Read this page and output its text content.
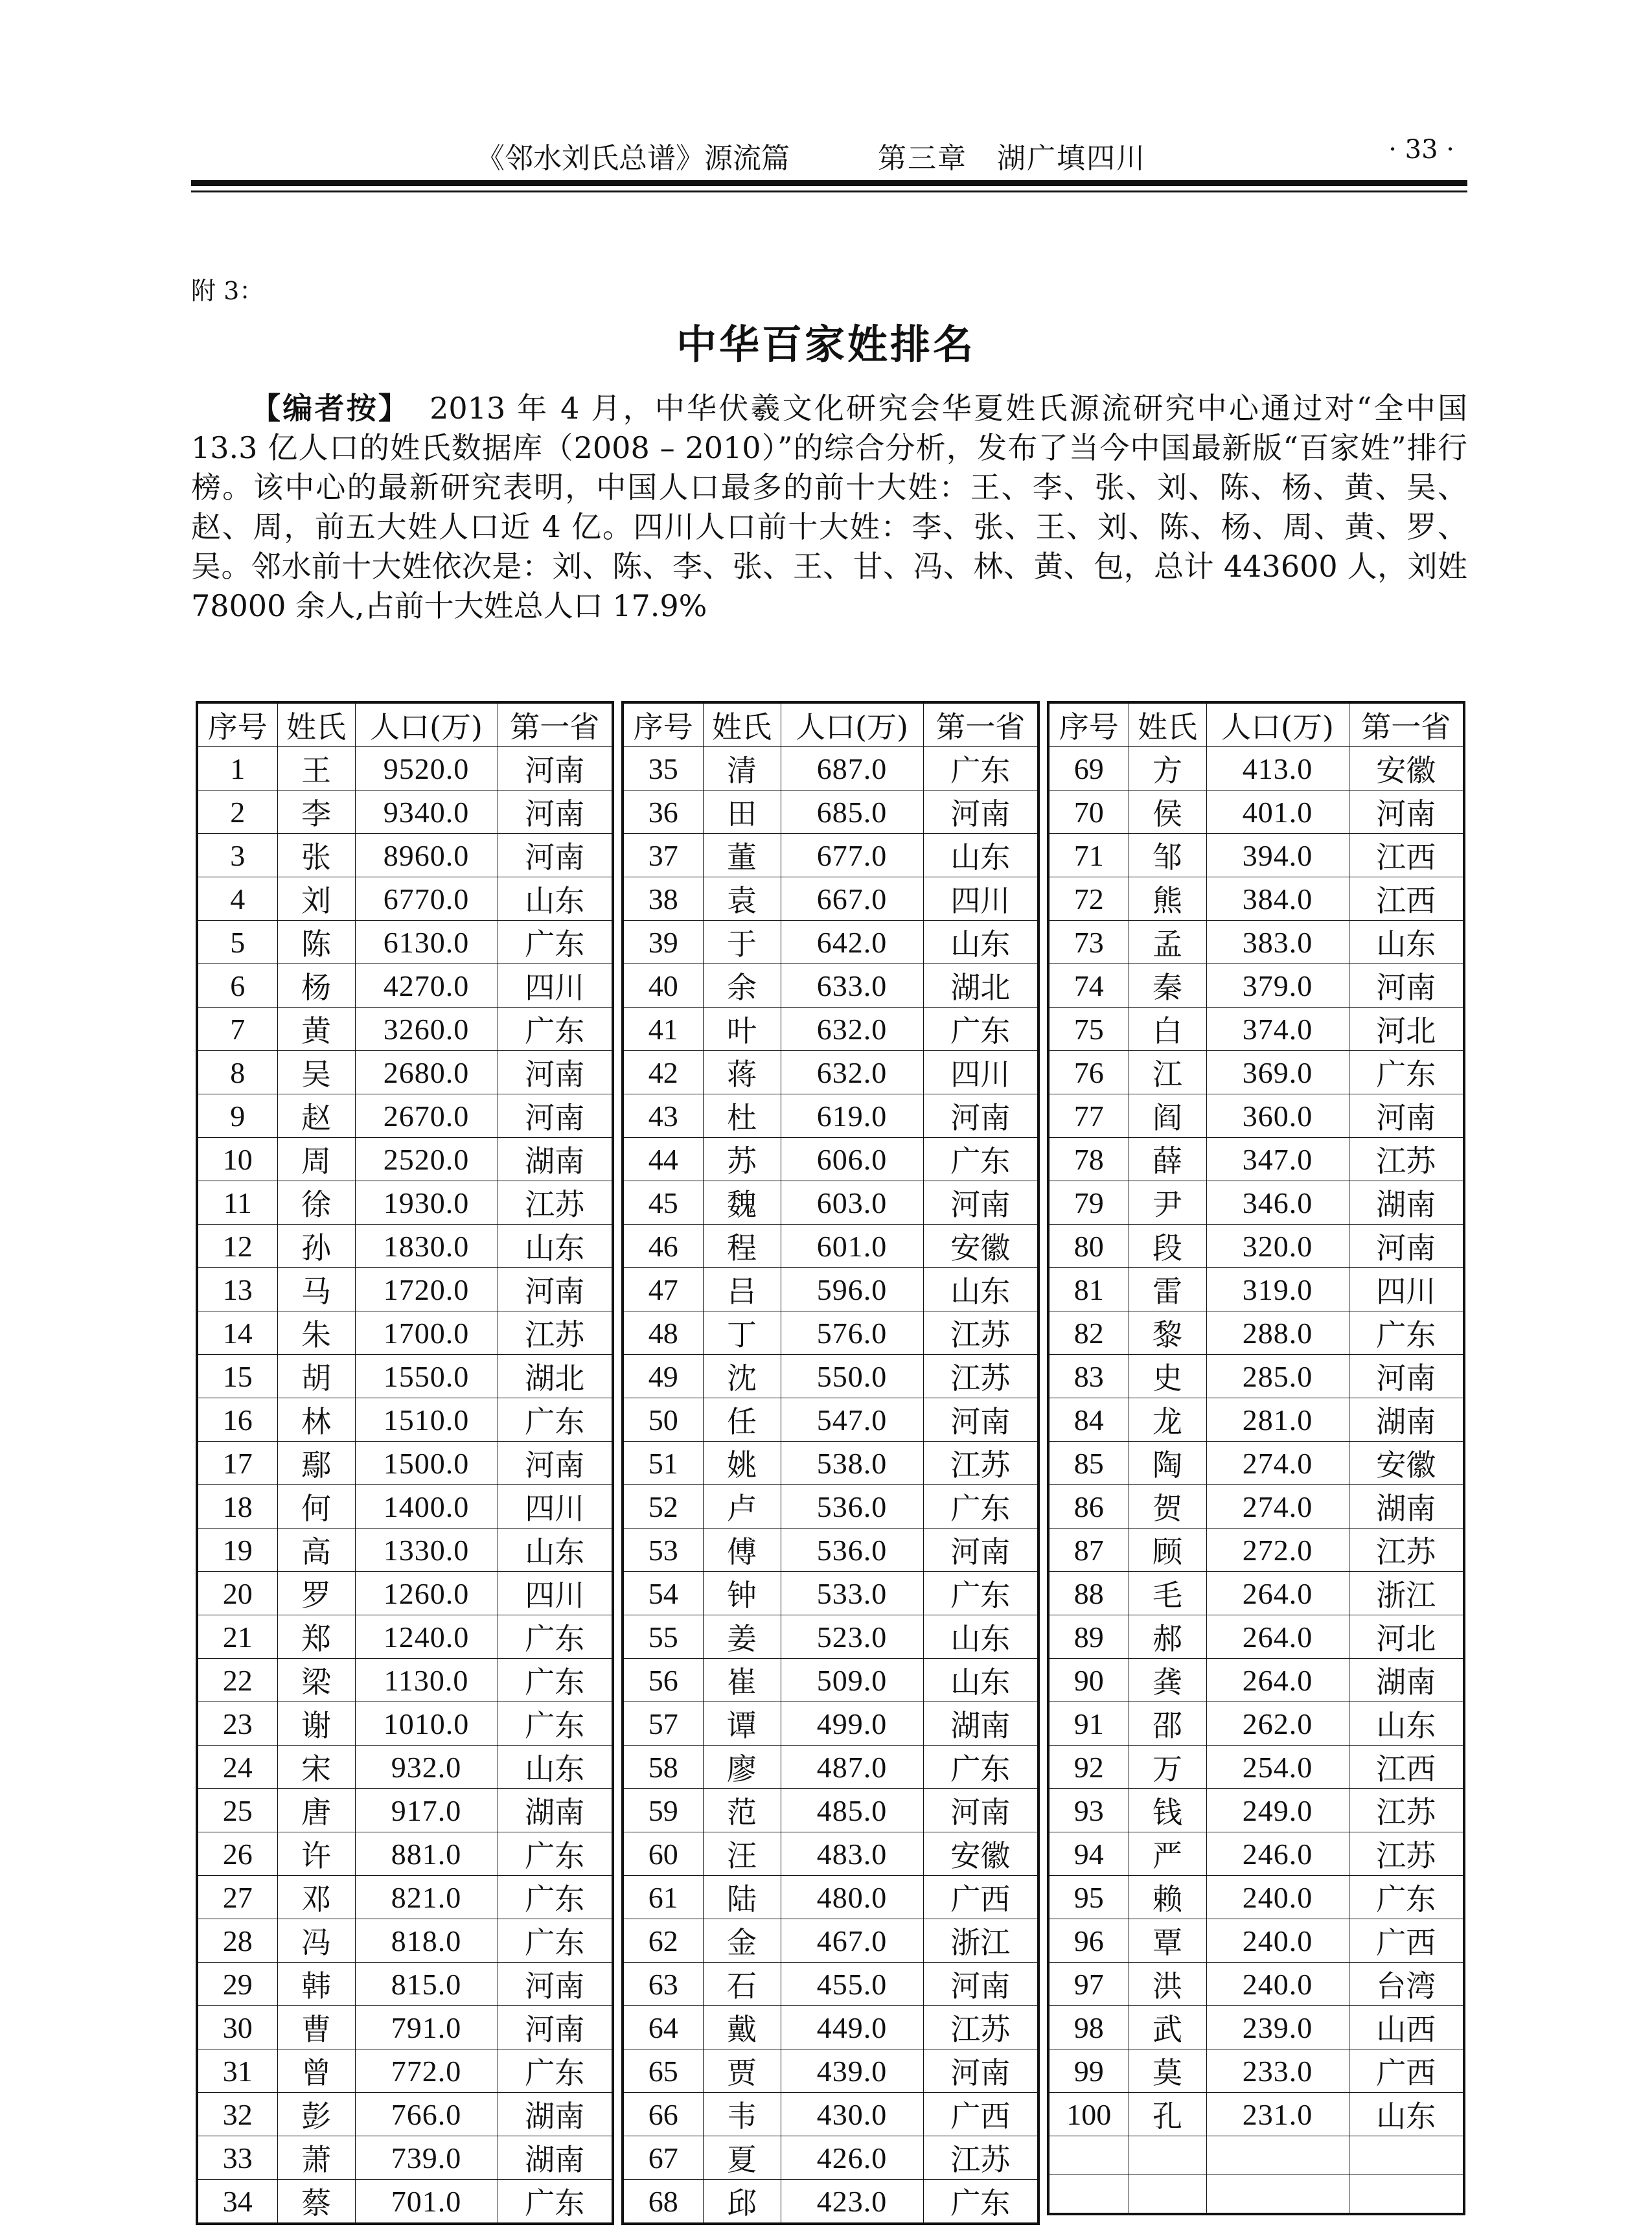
《邻水刘氏总谱》源流篇	第三章　湖广填四川	· 33 ·
附 3：
中华百家姓排名
【编者按】 2013 年 4 月，中华伏羲文化研究会华夏姓氏源流研究中心通过对“全中国 13.3 亿人口的姓氏数据库（2008 – 2010）”的综合分析，发布了当今中国最新版“百家姓”排行榜。该中心的最新研究表明，中国人口最多的前十大姓：王、李、张、刘、陈、杨、黄、吴、赵、周，前五大姓人口近 4 亿。四川人口前十大姓：李、张、王、刘、陈、杨、周、黄、罗、吴。邻水前十大姓依次是：刘、陈、李、张、王、甘、冯、林、黄、包，总计 443600 人，刘姓 78000 余人,占前十大姓总人口 17.9%
序号	姓氏	人口(万)	第一省
1	王	9520.0	河南
2	李	9340.0	河南
3	张	8960.0	河南
4	刘	6770.0	山东
5	陈	6130.0	广东
6	杨	4270.0	四川
7	黄	3260.0	广东
8	吴	2680.0	河南
9	赵	2670.0	河南
10	周	2520.0	湖南
11	徐	1930.0	江苏
12	孙	1830.0	山东
13	马	1720.0	河南
14	朱	1700.0	江苏
15	胡	1550.0	湖北
16	林	1510.0	广东
17	鄢	1500.0	河南
18	何	1400.0	四川
19	高	1330.0	山东
20	罗	1260.0	四川
21	郑	1240.0	广东
22	梁	1130.0	广东
23	谢	1010.0	广东
24	宋	932.0	山东
25	唐	917.0	湖南
26	许	881.0	广东
27	邓	821.0	广东
28	冯	818.0	广东
29	韩	815.0	河南
30	曹	791.0	河南
31	曾	772.0	广东
32	彭	766.0	湖南
33	萧	739.0	湖南
34	蔡	701.0	广东
序号	姓氏	人口(万)	第一省
35	清	687.0	广东
36	田	685.0	河南
37	董	677.0	山东
38	袁	667.0	四川
39	于	642.0	山东
40	余	633.0	湖北
41	叶	632.0	广东
42	蒋	632.0	四川
43	杜	619.0	河南
44	苏	606.0	广东
45	魏	603.0	河南
46	程	601.0	安徽
47	吕	596.0	山东
48	丁	576.0	江苏
49	沈	550.0	江苏
50	任	547.0	河南
51	姚	538.0	江苏
52	卢	536.0	广东
53	傅	536.0	河南
54	钟	533.0	广东
55	姜	523.0	山东
56	崔	509.0	山东
57	谭	499.0	湖南
58	廖	487.0	广东
59	范	485.0	河南
60	汪	483.0	安徽
61	陆	480.0	广西
62	金	467.0	浙江
63	石	455.0	河南
64	戴	449.0	江苏
65	贾	439.0	河南
66	韦	430.0	广西
67	夏	426.0	江苏
68	邱	423.0	广东
序号	姓氏	人口(万)	第一省
69	方	413.0	安徽
70	侯	401.0	河南
71	邹	394.0	江西
72	熊	384.0	江西
73	孟	383.0	山东
74	秦	379.0	河南
75	白	374.0	河北
76	江	369.0	广东
77	阎	360.0	河南
78	薛	347.0	江苏
79	尹	346.0	湖南
80	段	320.0	河南
81	雷	319.0	四川
82	黎	288.0	广东
83	史	285.0	河南
84	龙	281.0	湖南
85	陶	274.0	安徽
86	贺	274.0	湖南
87	顾	272.0	江苏
88	毛	264.0	浙江
89	郝	264.0	河北
90	龚	264.0	湖南
91	邵	262.0	山东
92	万	254.0	江西
93	钱	249.0	江苏
94	严	246.0	江苏
95	赖	240.0	广东
96	覃	240.0	广西
97	洪	240.0	台湾
98	武	239.0	山西
99	莫	233.0	广西
100	孔	231.0	山东
